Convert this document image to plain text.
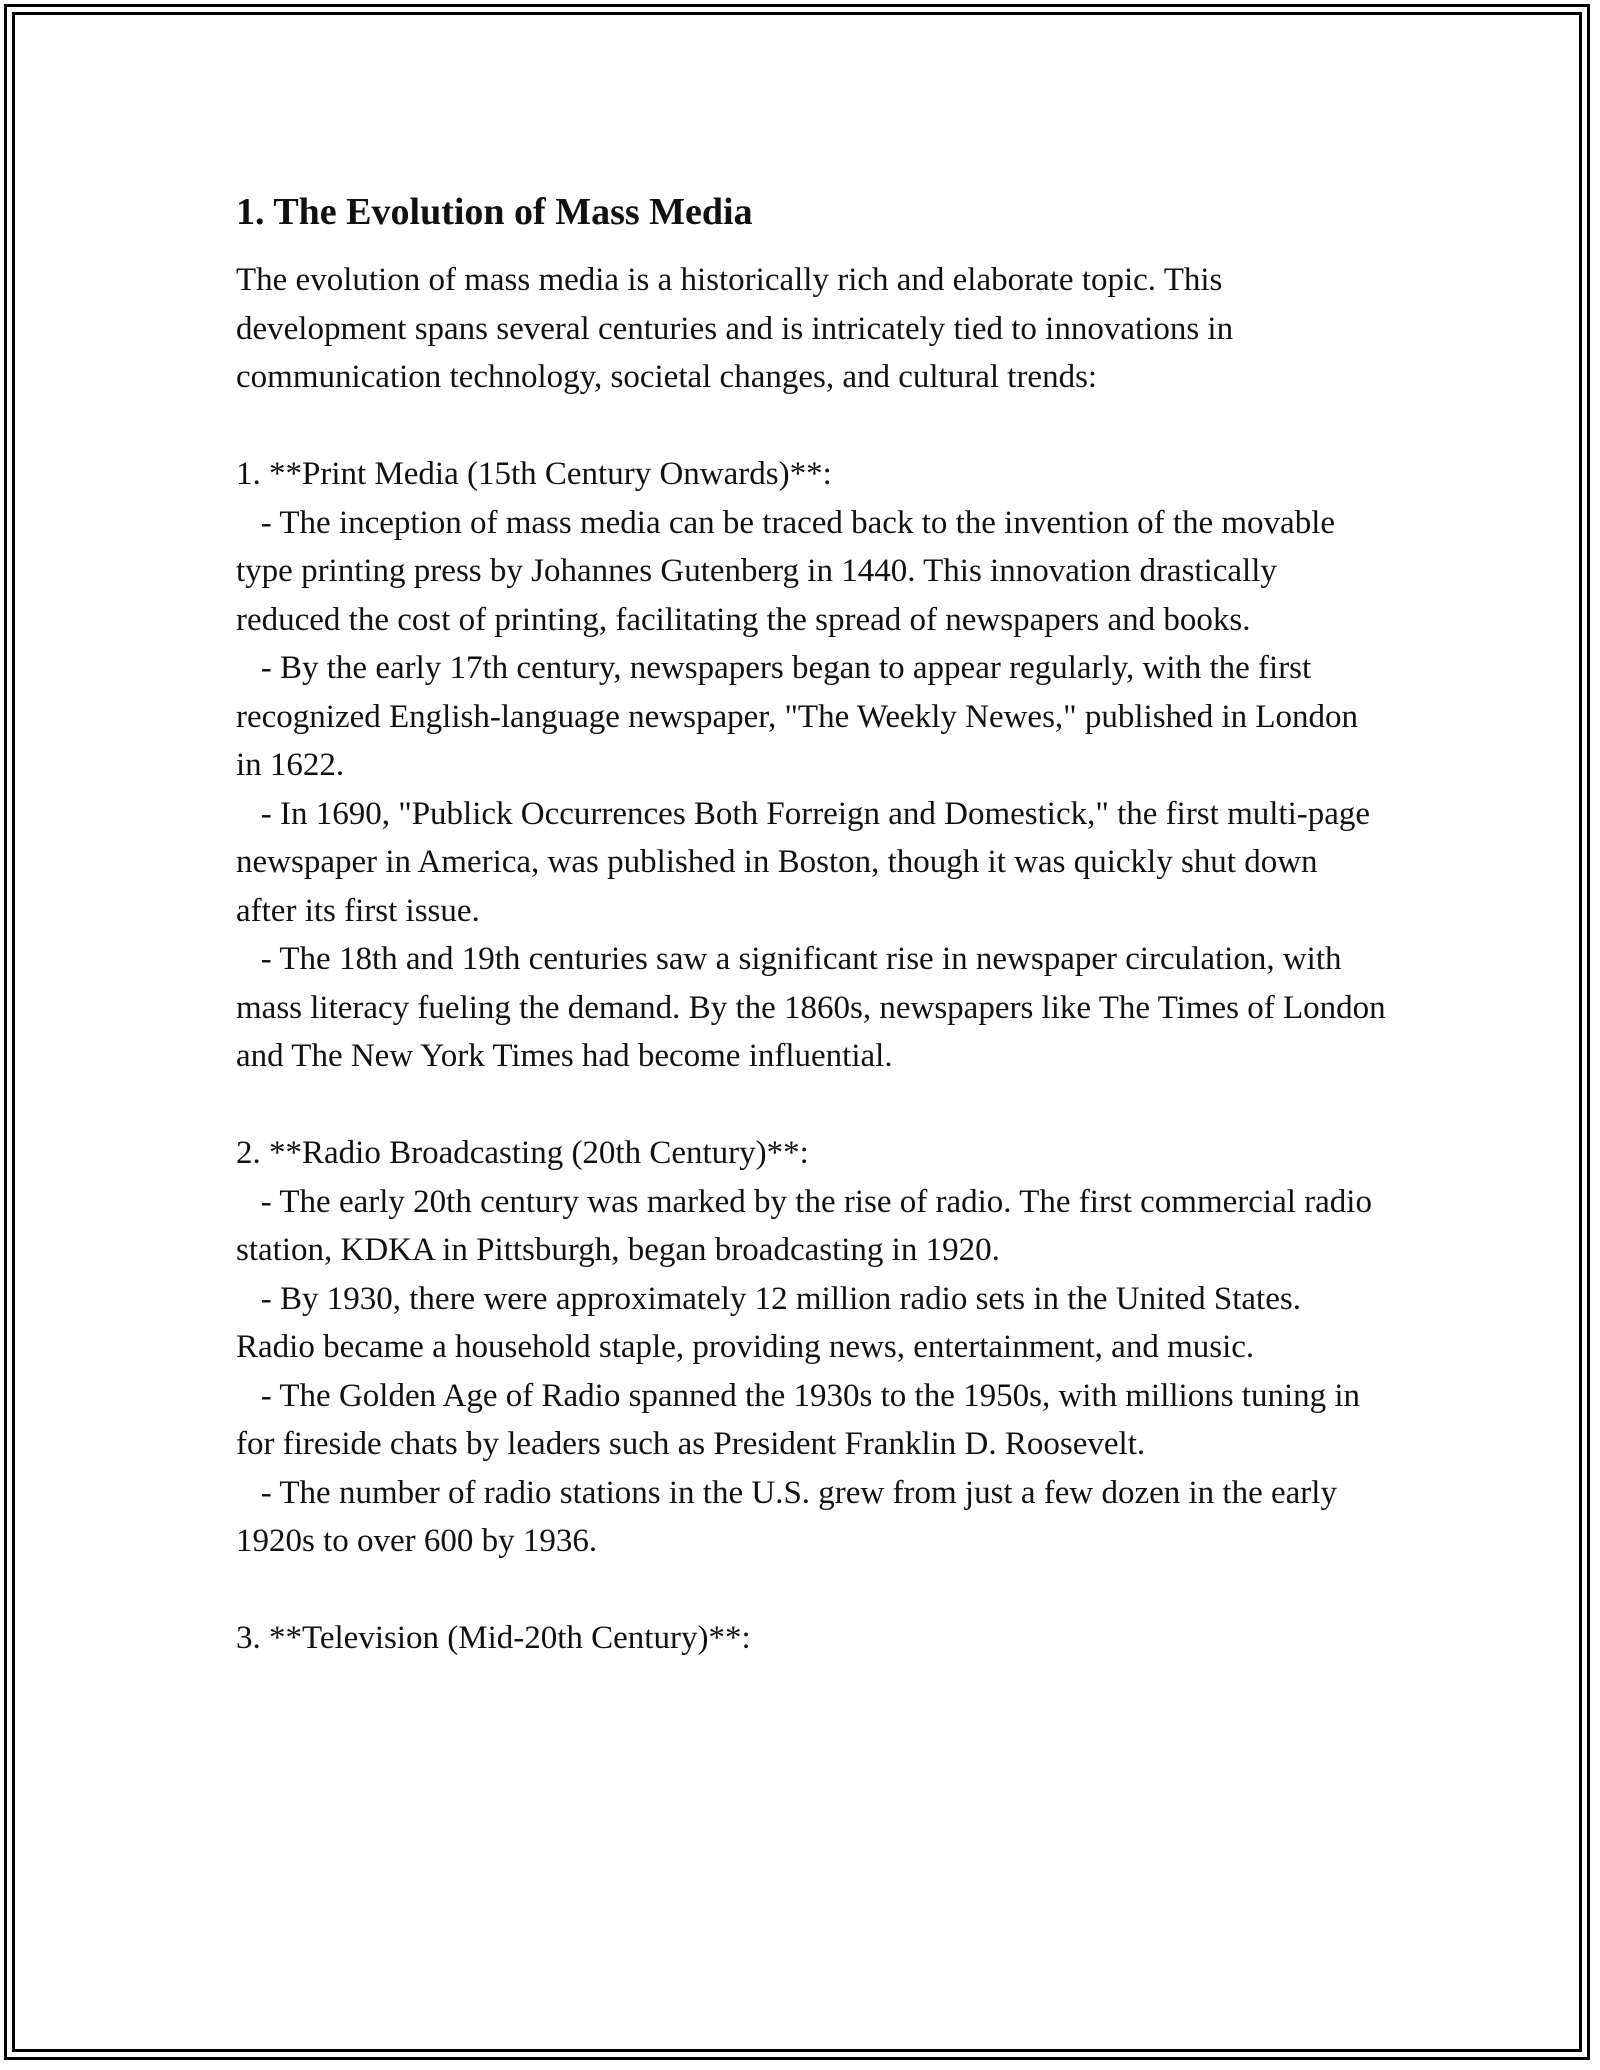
1. The Evolution of Mass Media

The evolution of mass media is a historically rich and elaborate topic. This development spans several centuries and is intricately tied to innovations in communication technology, societal changes, and cultural trends:

1. **Print Media (15th Century Onwards)**:

- The inception of mass media can be traced back to the invention of the movable type printing press by Johannes Gutenberg in 1440. This innovation drastically reduced the cost of printing, facilitating the spread of newspapers and books.

- By the early 17th century, newspapers began to appear regularly, with the first recognized English-language newspaper, "The Weekly Newes," published in London in 1622.

- In 1690, "Publick Occurrences Both Forreign and Domestick," the first multi-page newspaper in America, was published in Boston, though it was quickly shut down after its first issue.

- The 18th and 19th centuries saw a significant rise in newspaper circulation, with mass literacy fueling the demand. By the 1860s, newspapers like The Times of London and The New York Times had become influential.

2. **Radio Broadcasting (20th Century)**:

- The early 20th century was marked by the rise of radio. The first commercial radio station, KDKA in Pittsburgh, began broadcasting in 1920.

- By 1930, there were approximately 12 million radio sets in the United States. Radio became a household staple, providing news, entertainment, and music.

- The Golden Age of Radio spanned the 1930s to the 1950s, with millions tuning in for fireside chats by leaders such as President Franklin D. Roosevelt.

- The number of radio stations in the U.S. grew from just a few dozen in the early 1920s to over 600 by 1936.

3. **Television (Mid-20th Century)**:
